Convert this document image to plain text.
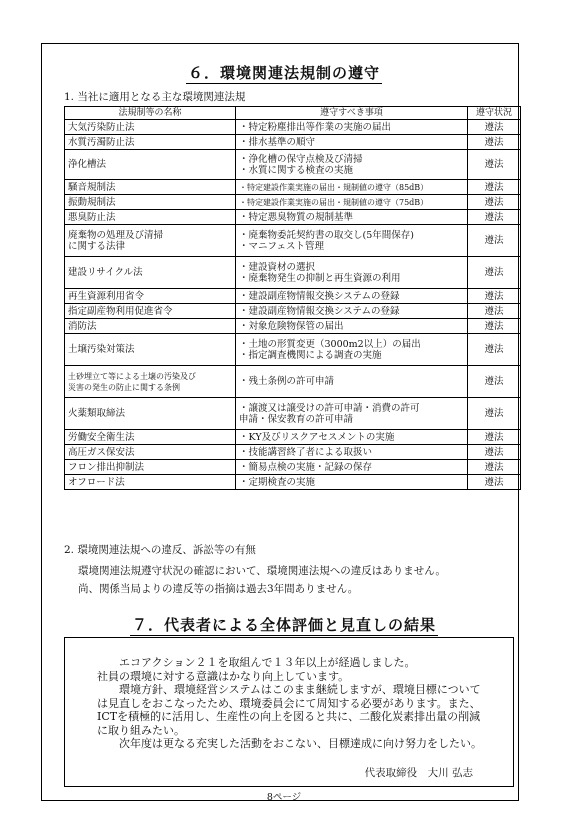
６．環境関連法規制の遵守
1. 当社に適用となる主な環境関連法規
法規制等の名称	遵守すべき事項	遵守状況
大気汚染防止法	・特定粉塵排出等作業の実施の届出	遵法
水質汚濁防止法	・排水基準の順守	遵法
浄化槽法	・浄化槽の保守点検及び清掃
・水質に関する検査の実施	遵法
騒音規制法	・特定建設作業実施の届出・規制値の遵守（85dB）	遵法
振動規制法	・特定建設作業実施の届出・規制値の遵守（75dB）	遵法
悪臭防止法	・特定悪臭物質の規制基準	遵法
廃棄物の処理及び清掃
に関する法律	・廃棄物委託契約書の取交し(5年間保存)
・マニフェスト管理	遵法
建設リサイクル法	・建設資材の選択
・廃棄物発生の抑制と再生資源の利用	遵法
再生資源利用省令	・建設副産物情報交換システムの登録	遵法
指定副産物利用促進省令	・建設副産物情報交換システムの登録	遵法
消防法	・対象危険物保管の届出	遵法
土壌汚染対策法	・土地の形質変更（3000m2以上）の届出
・指定調査機関による調査の実施	遵法
土砂埋立て等による土壌の汚染及び
災害の発生の防止に関する条例	・残土条例の許可申請	遵法
火薬類取締法	・譲渡又は譲受けの許可申請・消費の許可
申請・保安教育の許可申請	遵法
労働安全衛生法	・KY及びリスクアセスメントの実施	遵法
高圧ガス保安法	・技能講習終了者による取扱い	遵法
フロン排出抑制法	・簡易点検の実施・記録の保存	遵法
オフロード法	・定期検査の実施	遵法
2. 環境関連法規への違反、訴訟等の有無
環境関連法規遵守状況の確認において、環境関連法規への違反はありません。
尚、関係当局よりの違反等の指摘は過去3年間ありません。
７．代表者による全体評価と見直しの結果

　　エコアクション２１を取組んで１３年以上が経過しました。

社員の環境に対する意識はかなり向上しています。

　　環境方針、環境経営システムはこのまま継続しますが、環境目標については見直しをおこなったため、環境委員会にて周知する必要があります。また、ICTを積極的に活用し、生産性の向上を図ると共に、二酸化炭素排出量の削減に取り組みたい。

　　次年度は更なる充実した活動をおこない、目標達成に向け努力をしたい。

代表取締役　大川 弘志
8ページ
